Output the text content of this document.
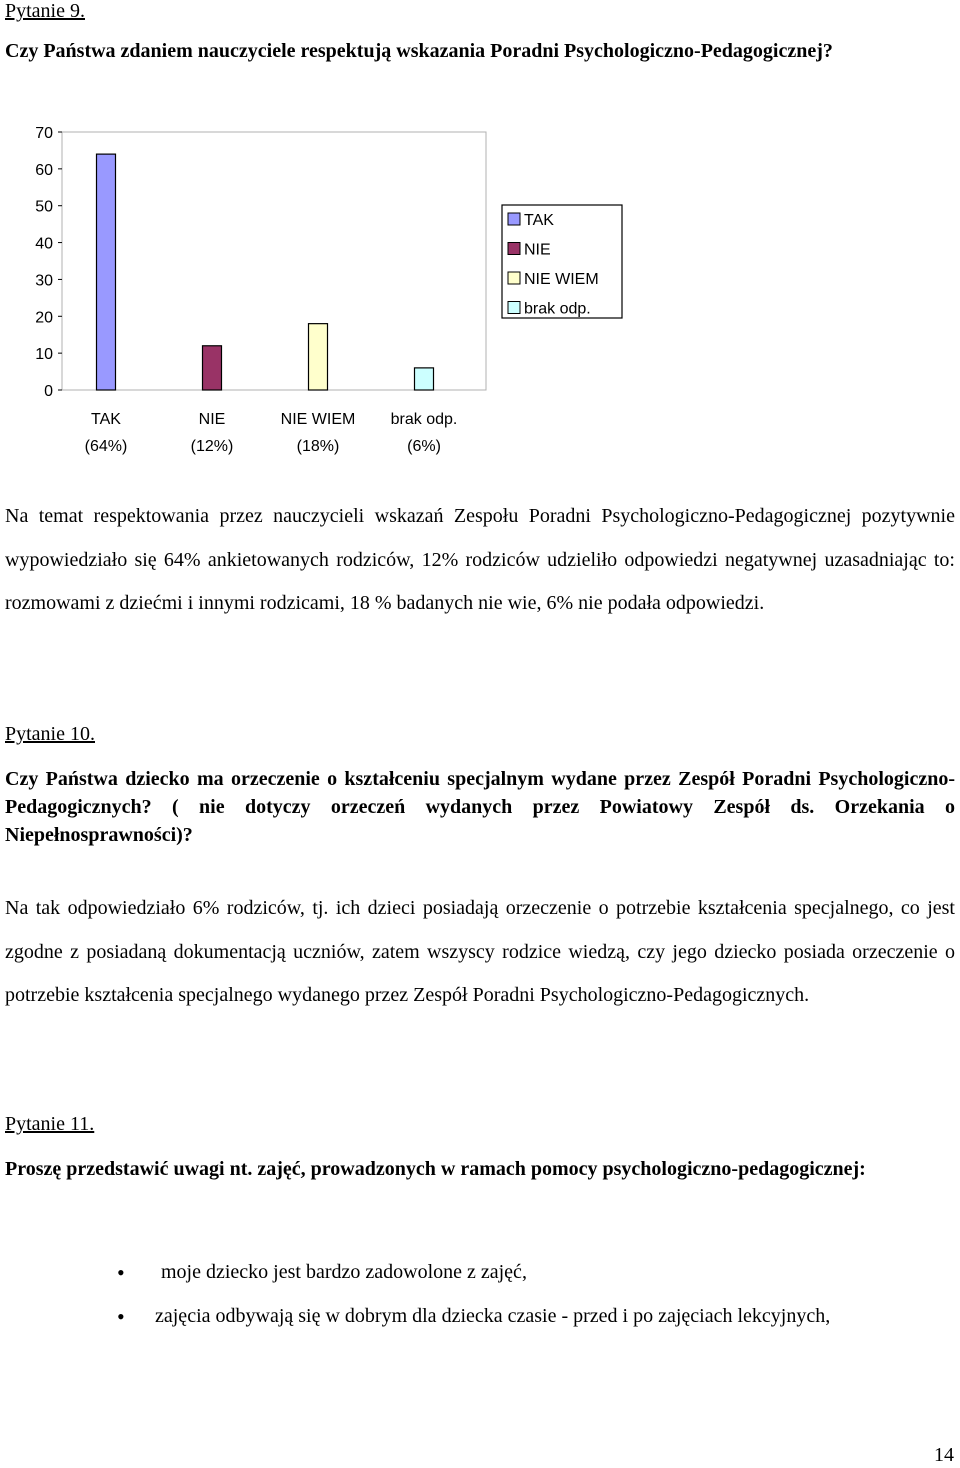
Pytanie 9.
Czy Państwa zdaniem nauczyciele respektują wskazania Poradni Psychologiczno-Pedagogicznej?
0
10
20
30
40
50
60
70
TAK
(64%)
NIE
(12%)
NIE WIEM
(18%)
brak odp.
(6%)
TAK
NIE
NIE WIEM
brak odp.
Na temat respektowania przez nauczycieli wskazań Zespołu Poradni Psychologiczno-Pedagogicznej pozytywnie wypowiedziało się 64% ankietowanych rodziców, 12% rodziców udzieliło odpowiedzi negatywnej uzasadniając to: rozmowami z dziećmi i innymi rodzicami, 18 % badanych nie wie, 6% nie podała odpowiedzi.
Pytanie 10.
Czy Państwa dziecko ma orzeczenie o kształceniu specjalnym wydane przez Zespół Poradni Psychologiczno-Pedagogicznych? ( nie dotyczy orzeczeń wydanych przez Powiatowy Zespół ds. Orzekania o Niepełnosprawności)?
Na tak odpowiedziało 6% rodziców, tj. ich dzieci posiadają orzeczenie o potrzebie kształcenia specjalnego, co jest zgodne z posiadaną dokumentacją uczniów, zatem wszyscy rodzice wiedzą, czy jego dziecko posiada orzeczenie o potrzebie kształcenia specjalnego wydanego przez Zespół Poradni Psychologiczno-Pedagogicznych.
Pytanie 11.
Proszę przedstawić uwagi nt. zajęć, prowadzonych w ramach pomocy psychologiczno-pedagogicznej:
• moje dziecko jest bardzo zadowolone z zajęć,
• zajęcia odbywają się w dobrym dla dziecka czasie - przed i po zajęciach lekcyjnych,
14
